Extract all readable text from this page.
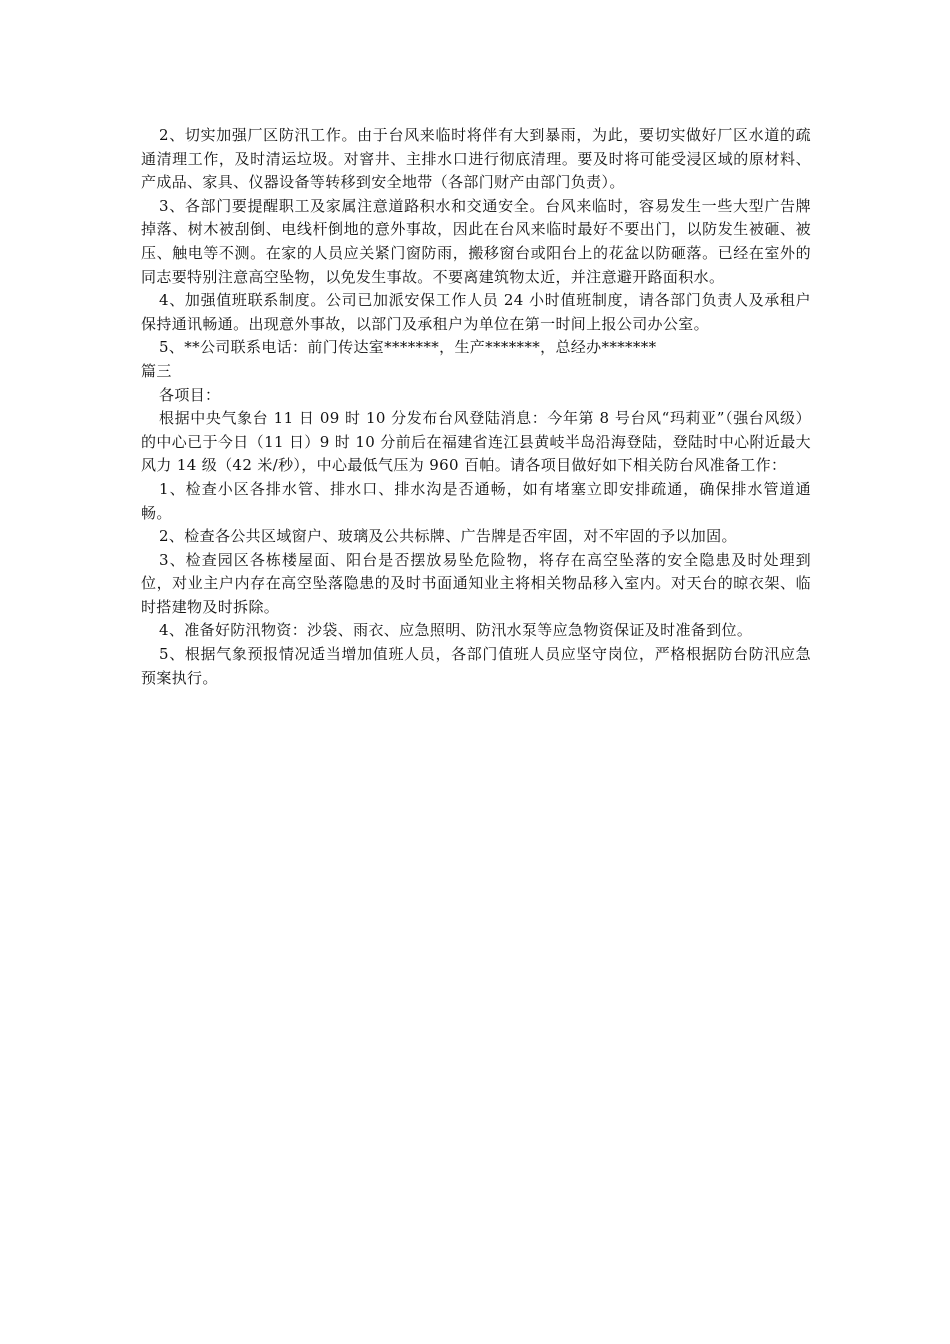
2、切实加强厂区防汛工作。由于台风来临时将伴有大到暴雨，为此，要切实做好厂区水道的疏通清理工作，及时清运垃圾。对窨井、主排水口进行彻底清理。要及时将可能受浸区域的原材料、产成品、家具、仪器设备等转移到安全地带（各部门财产由部门负责）。

3、各部门要提醒职工及家属注意道路积水和交通安全。台风来临时，容易发生一些大型广告牌掉落、树木被刮倒、电线杆倒地的意外事故，因此在台风来临时最好不要出门，以防发生被砸、被压、触电等不测。在家的人员应关紧门窗防雨，搬移窗台或阳台上的花盆以防砸落。已经在室外的同志要特别注意高空坠物，以免发生事故。不要离建筑物太近，并注意避开路面积水。

4、加强值班联系制度。公司已加派安保工作人员 24 小时值班制度，请各部门负责人及承租户保持通讯畅通。出现意外事故，以部门及承租户为单位在第一时间上报公司办公室。

5、**公司联系电话：前门传达室*******，生产*******，总经办*******

篇三

各项目：

根据中央气象台 11 日 09 时 10 分发布台风登陆消息：今年第 8 号台风“玛莉亚”（强台风级）的中心已于今日（11 日）9 时 10 分前后在福建省连江县黄岐半岛沿海登陆，登陆时中心附近最大风力 14 级（42 米/秒），中心最低气压为 960 百帕。请各项目做好如下相关防台风准备工作：

1、检查小区各排水管、排水口、排水沟是否通畅，如有堵塞立即安排疏通，确保排水管道通畅。

2、检查各公共区域窗户、玻璃及公共标牌、广告牌是否牢固，对不牢固的予以加固。

3、检查园区各栋楼屋面、阳台是否摆放易坠危险物，将存在高空坠落的安全隐患及时处理到位，对业主户内存在高空坠落隐患的及时书面通知业主将相关物品移入室内。对天台的晾衣架、临时搭建物及时拆除。

4、准备好防汛物资：沙袋、雨衣、应急照明、防汛水泵等应急物资保证及时准备到位。

5、根据气象预报情况适当增加值班人员，各部门值班人员应坚守岗位，严格根据防台防汛应急预案执行。
